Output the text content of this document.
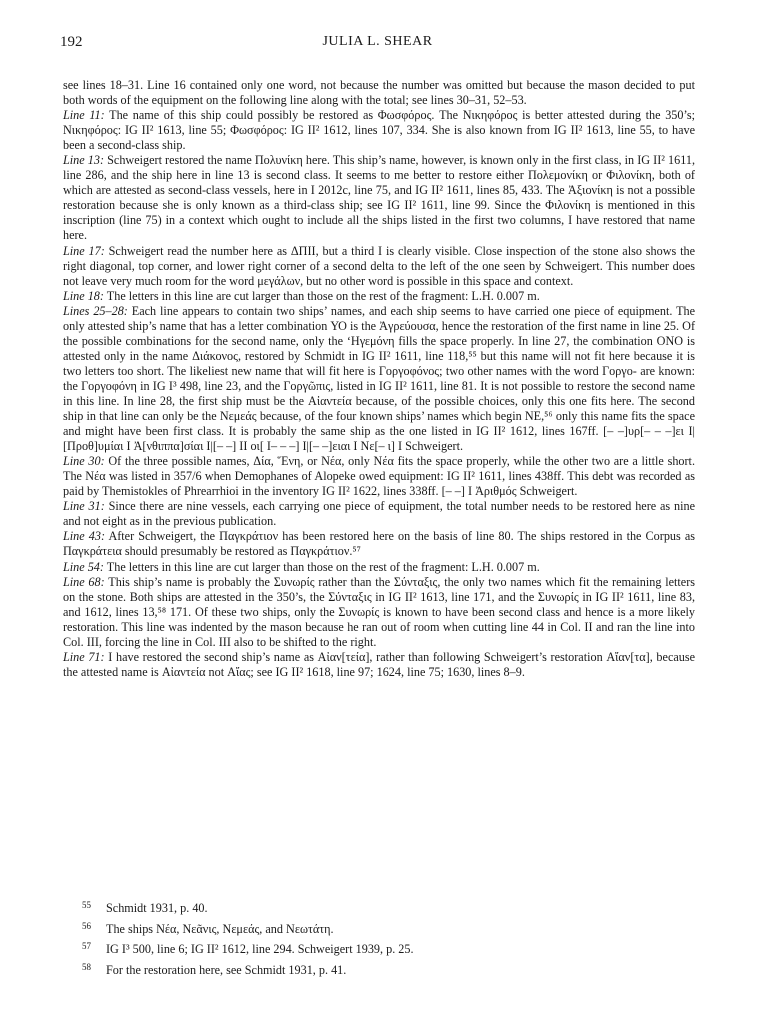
192	JULIA L. SHEAR

see lines 18–31. Line 16 contained only one word, not because the number was omitted but because the mason decided to put both words of the equipment on the following line along with the total; see lines 30–31, 52–53.

Line 11: The name of this ship could possibly be restored as Φωσφόρος. The Νικηφόρος is better attested during the 350’s; Νικηφόρος: IG II² 1613, line 55; Φωσφόρος: IG II² 1612, lines 107, 334. She is also known from IG II² 1613, line 55, to have been a second-class ship.

Line 13: Schweigert restored the name Πολυνίκη here. This ship’s name, however, is known only in the first class, in IG II² 1611, line 286, and the ship here in line 13 is second class. It seems to me better to restore either Πολεμονίκη or Φιλονίκη, both of which are attested as second-class vessels, here in I 2012c, line 75, and IG II² 1611, lines 85, 433. The Ἀξιονίκη is not a possible restoration because she is only known as a third-class ship; see IG II² 1611, line 99. Since the Φιλονίκη is mentioned in this inscription (line 75) in a context which ought to include all the ships listed in the first two columns, I have restored that name here.

Line 17: Schweigert read the number here as ΔΠΙΙ, but a third Ι is clearly visible. Close inspection of the stone also shows the right diagonal, top corner, and lower right corner of a second delta to the left of the one seen by Schweigert. This number does not leave very much room for the word μεγάλων, but no other word is possible in this space and context.

Line 18: The letters in this line are cut larger than those on the rest of the fragment: L.H. 0.007 m.

Lines 25–28: Each line appears to contain two ships’ names, and each ship seems to have carried one piece of equipment. The only attested ship’s name that has a letter combination ΥΟ is the Ἀγρεύουσα, hence the restoration of the first name in line 25. Of the possible combinations for the second name, only the ‘Ηγεμόνη fills the space properly. In line 27, the combination ΟΝΟ is attested only in the name Διάκονος, restored by Schmidt in IG II² 1611, line 118,⁵⁵ but this name will not fit here because it is two letters too short. The likeliest new name that will fit here is Γοργοφόνος; two other names with the word Γοργο- are known: the Γοργοφόνη in IG I³ 498, line 23, and the Γοργῶπις, listed in IG II² 1611, line 81. It is not possible to restore the second name in this line. In line 28, the first ship must be the Αἰαντεία because, of the possible choices, only this one fits here. The second ship in that line can only be the Νεμεάς because, of the four known ships’ names which begin ΝΕ,⁵⁶ only this name fits the space and might have been first class. It is probably the same ship as the one listed in IG II² 1612, lines 167ff. [– –]υρ[– – –]ει Ι|[Προθ]υμίαι Ι Ἀ[νθιππα]σίαι Ι|[– –] ΙΙ οι[ Ι– – –] Ι|[– –]ειαι Ι Νε[– ι] Ι Schweigert.

Line 30: Of the three possible names, Δία, Ἕνη, or Νέα, only Νέα fits the space properly, while the other two are a little short. The Νέα was listed in 357/6 when Demophanes of Alopeke owed equipment: IG II² 1611, lines 438ff. This debt was recorded as paid by Themistokles of Phrearrhioi in the inventory IG II² 1622, lines 338ff. [– –] Ι Ἀριθμός Schweigert.

Line 31: Since there are nine vessels, each carrying one piece of equipment, the total number needs to be restored here as nine and not eight as in the previous publication.

Line 43: After Schweigert, the Παγκράτιον has been restored here on the basis of line 80. The ships restored in the Corpus as Παγκράτεια should presumably be restored as Παγκράτιον.⁵⁷

Line 54: The letters in this line are cut larger than those on the rest of the fragment: L.H. 0.007 m.

Line 68: This ship’s name is probably the Συνωρίς rather than the Σύνταξις, the only two names which fit the remaining letters on the stone. Both ships are attested in the 350’s, the Σύνταξις in IG II² 1613, line 171, and the Συνωρίς in IG II² 1611, line 83, and 1612, lines 13,⁵⁸ 171. Of these two ships, only the Συνωρίς is known to have been second class and hence is a more likely restoration. This line was indented by the mason because he ran out of room when cutting line 44 in Col. II and ran the line into Col. III, forcing the line in Col. III also to be shifted to the right.

Line 71: I have restored the second ship’s name as Αἰαν[τεία], rather than following Schweigert’s restoration Αἴαν[τα], because the attested name is Αἰαντεία not Αἴας; see IG II² 1618, line 97; 1624, line 75; 1630, lines 8–9.

55	Schmidt 1931, p. 40.
56	The ships Νέα, Νεᾶνις, Νεμεάς, and Νεωτάτη.
57	IG I³ 500, line 6; IG II² 1612, line 294. Schweigert 1939, p. 25.
58	For the restoration here, see Schmidt 1931, p. 41.
